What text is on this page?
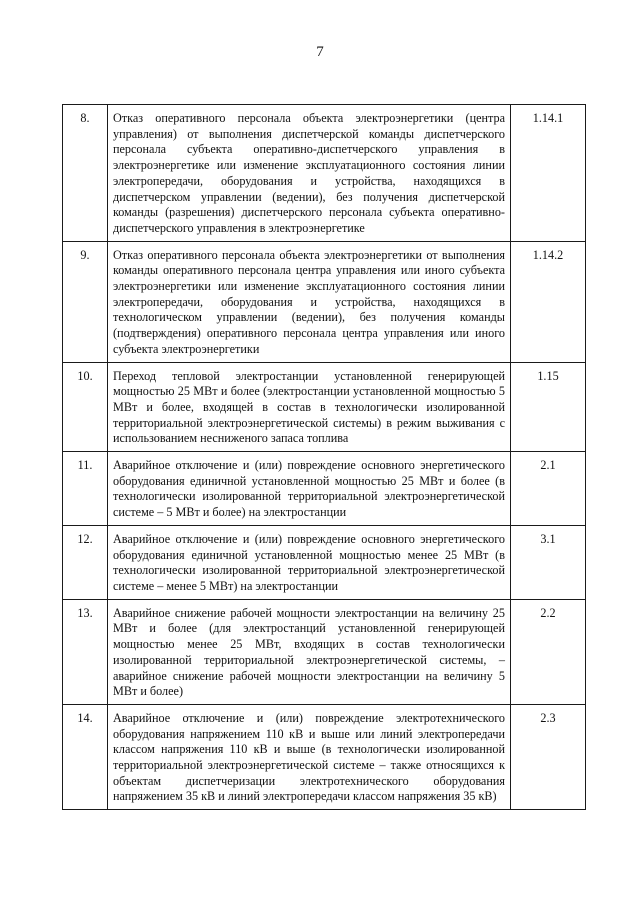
7
8.	Отказ оперативного персонала объекта электроэнергетики (центра управления) от выполнения диспетчерской команды диспетчерского персонала субъекта оперативно-диспетчерского управления в электроэнергетике или изменение эксплуатационного состояния линии электропередачи, оборудования и устройства, находящихся в диспетчерском управлении (ведении), без получения диспетчерской команды (разрешения) диспетчерского персонала субъекта оперативно-диспетчерского управления в электроэнергетике	1.14.1
9.	Отказ оперативного персонала объекта электроэнергетики от выполнения команды оперативного персонала центра управления или иного субъекта электроэнергетики или изменение эксплуатационного состояния линии электропередачи, оборудования и устройства, находящихся в технологическом управлении (ведении), без получения команды (подтверждения) оперативного персонала центра управления или иного субъекта электроэнергетики	1.14.2
10.	Переход тепловой электростанции установленной генерирующей мощностью 25 МВт и более (электростанции установленной мощностью 5 МВт и более, входящей в состав в технологически изолированной территориальной электроэнергетической системы) в режим выживания с использованием несниженого запаса топлива	1.15
11.	Аварийное отключение и (или) повреждение основного энергетического оборудования единичной установленной мощностью 25 МВт и более (в технологически изолированной территориальной электроэнергетической системе – 5 МВт и более) на электростанции	2.1
12.	Аварийное отключение и (или) повреждение основного энергетического оборудования единичной установленной мощностью менее 25 МВт (в технологически изолированной территориальной электроэнергетической системе – менее 5 МВт) на электростанции	3.1
13.	Аварийное снижение рабочей мощности электростанции на величину 25 МВт и более (для электростанций установленной генерирующей мощностью менее 25 МВт, входящих в состав технологически изолированной территориальной электроэнергетической системы, – аварийное снижение рабочей мощности электростанции на величину 5 МВт и более)	2.2
14.	Аварийное отключение и (или) повреждение электротехнического оборудования напряжением 110 кВ и выше или линий электропередачи классом напряжения 110 кВ и выше (в технологически изолированной территориальной электроэнергетической системе – также относящихся к объектам диспетчеризации электротехнического оборудования напряжением 35 кВ и линий электропередачи классом напряжения 35 кВ)	2.3
